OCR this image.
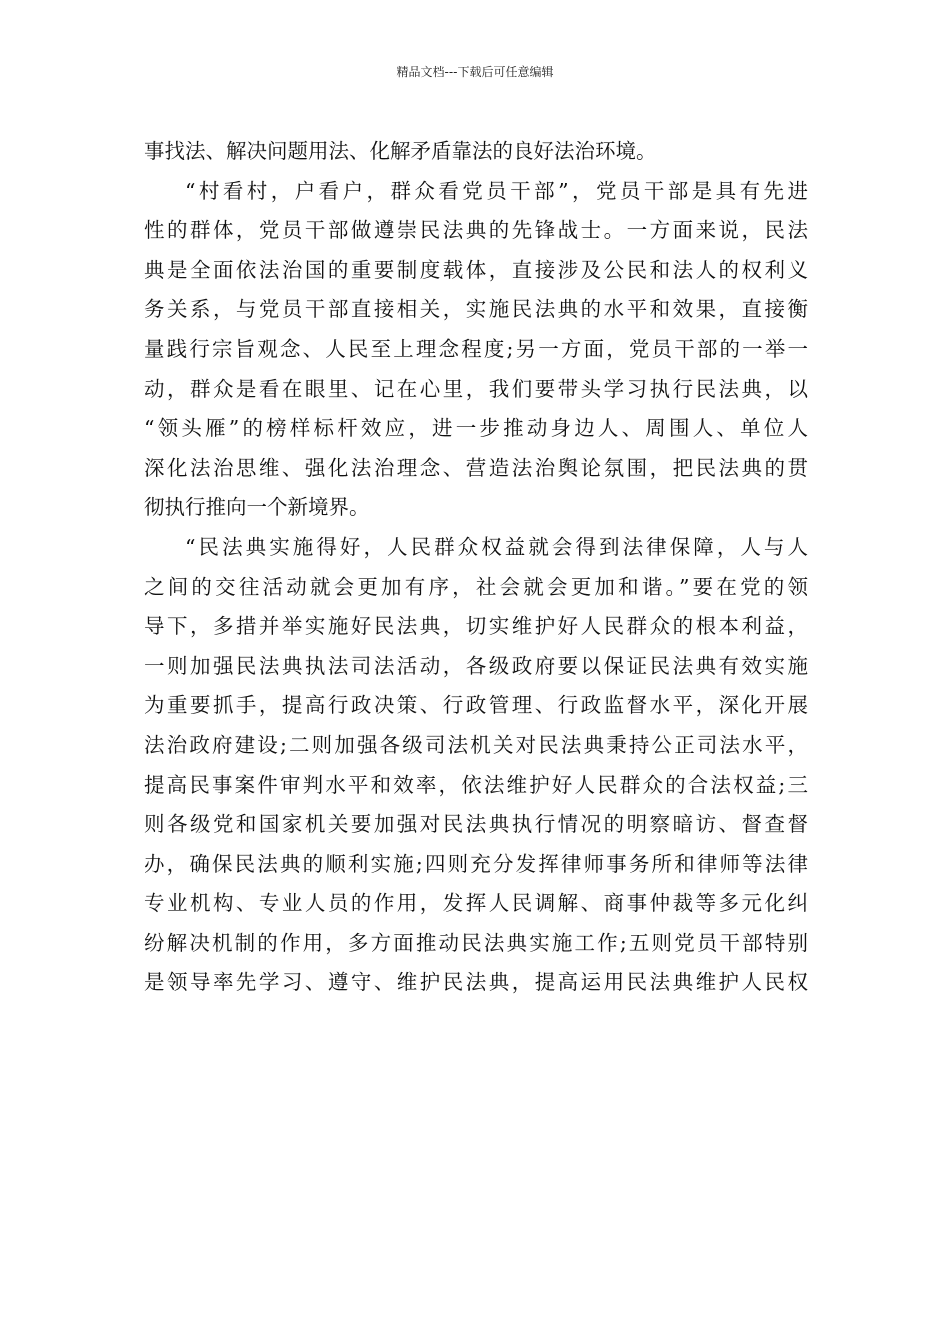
精品文档---下载后可任意编辑
事找法、解决问题用法、化解矛盾靠法的良好法治环境。
“村看村，户看户，群众看党员干部”，党员干部是具有先进
性的群体，党员干部做遵崇民法典的先锋战士。一方面来说，民法
典是全面依法治国的重要制度载体，直接涉及公民和法人的权利义
务关系，与党员干部直接相关，实施民法典的水平和效果，直接衡
量践行宗旨观念、人民至上理念程度;另一方面，党员干部的一举一
动，群众是看在眼里、记在心里，我们要带头学习执行民法典，以
“领头雁”的榜样标杆效应，进一步推动身边人、周围人、单位人
深化法治思维、强化法治理念、营造法治舆论氛围，把民法典的贯
彻执行推向一个新境界。
“民法典实施得好，人民群众权益就会得到法律保障，人与人
之间的交往活动就会更加有序，社会就会更加和谐。”要在党的领
导下，多措并举实施好民法典，切实维护好人民群众的根本利益，
一则加强民法典执法司法活动，各级政府要以保证民法典有效实施
为重要抓手，提高行政决策、行政管理、行政监督水平，深化开展
法治政府建设;二则加强各级司法机关对民法典秉持公正司法水平，
提高民事案件审判水平和效率，依法维护好人民群众的合法权益;三
则各级党和国家机关要加强对民法典执行情况的明察暗访、督查督
办，确保民法典的顺利实施;四则充分发挥律师事务所和律师等法律
专业机构、专业人员的作用，发挥人民调解、商事仲裁等多元化纠
纷解决机制的作用，多方面推动民法典实施工作;五则党员干部特别
是领导率先学习、遵守、维护民法典，提高运用民法典维护人民权
